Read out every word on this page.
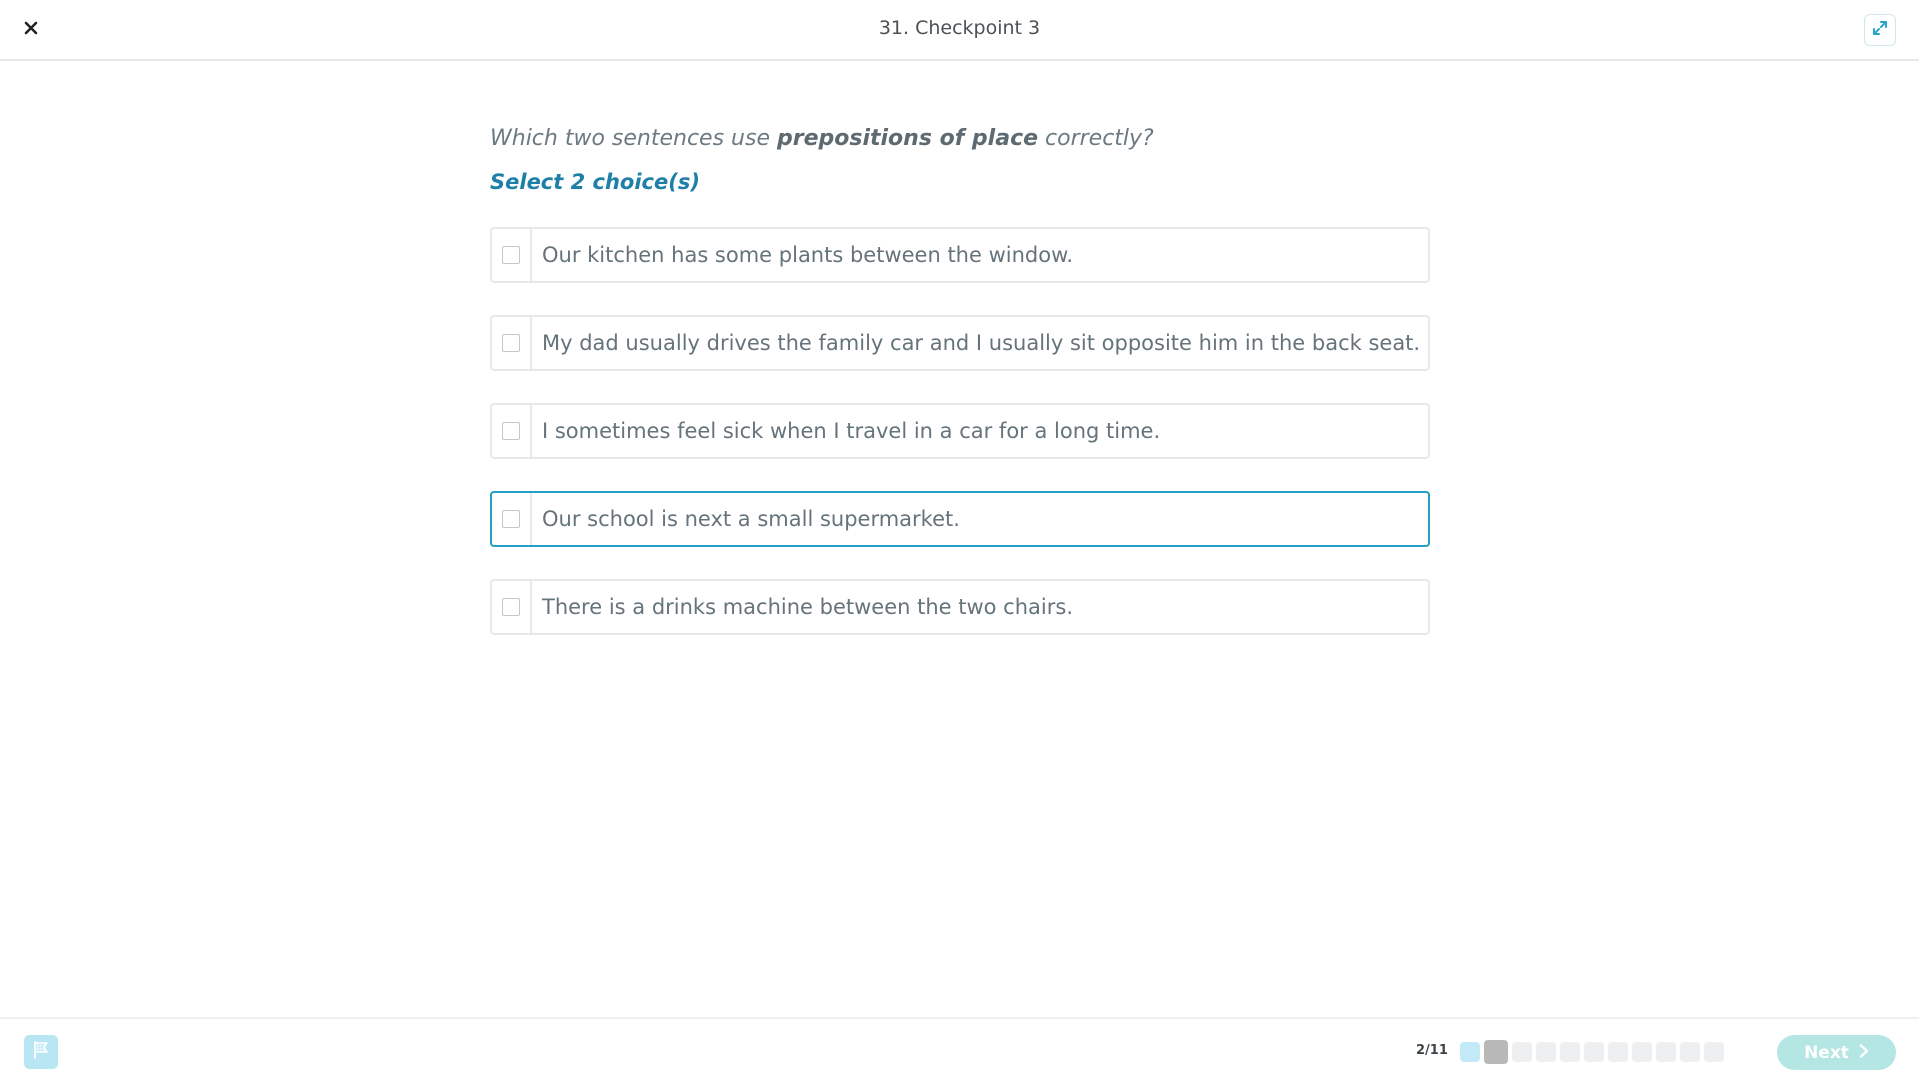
31. Checkpoint 3
Which two sentences use prepositions of place correctly?
Select 2 choice(s)
Our kitchen has some plants between the window.
My dad usually drives the family car and I usually sit opposite him in the back seat.
I sometimes feel sick when I travel in a car for a long time.
Our school is next a small supermarket.
There is a drinks machine between the two chairs.
2/11	Next
